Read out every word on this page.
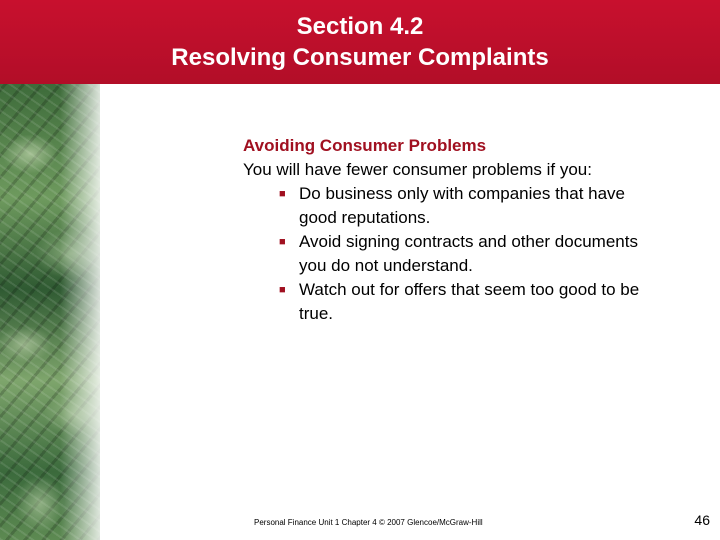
Section 4.2
Resolving Consumer Complaints
Avoiding Consumer Problems
You will have fewer consumer problems if you:
■ Do business only with companies that have good reputations.
■ Avoid signing contracts and other documents you do not understand.
■ Watch out for offers that seem too good to be true.
Personal Finance Unit 1 Chapter 4 © 2007 Glencoe/McGraw-Hill	46
